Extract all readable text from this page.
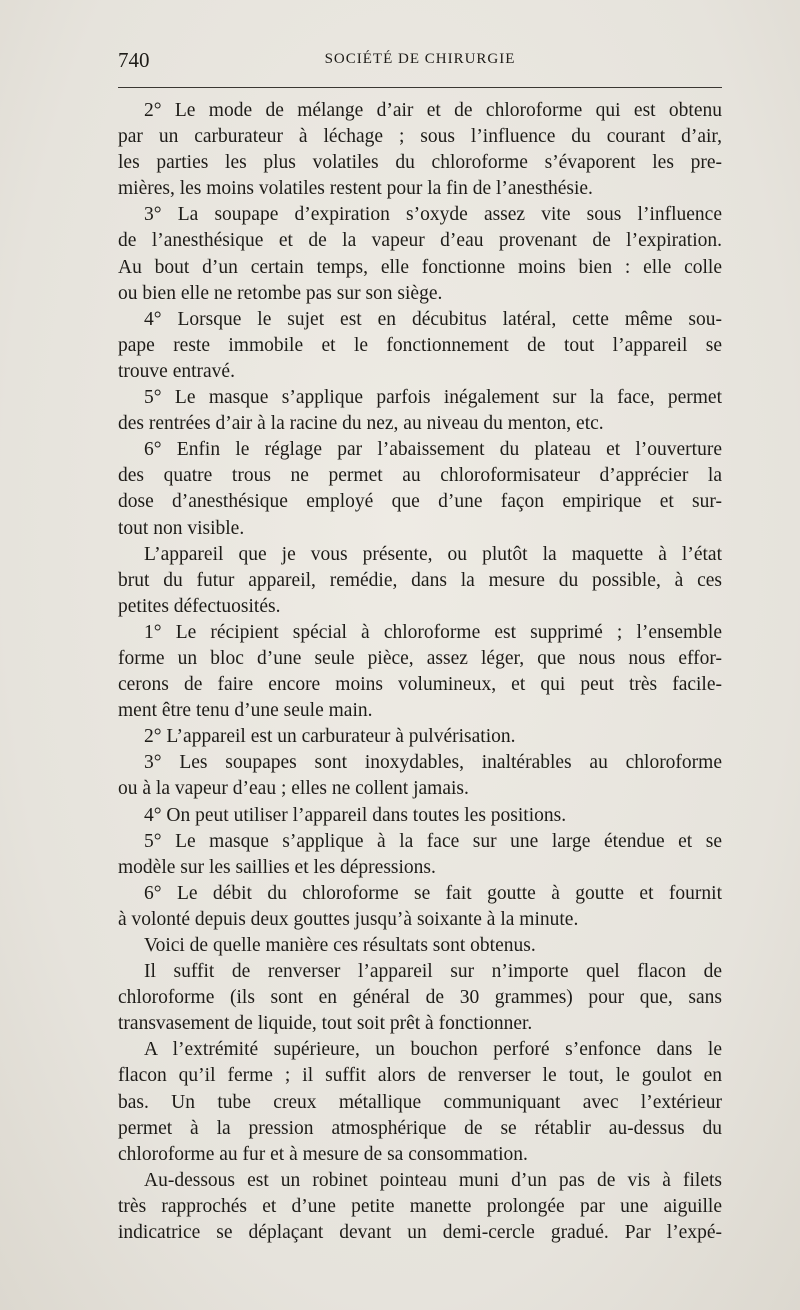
740	SOCIÉTÉ DE CHIRURGIE
2° Le mode de mélange d’air et de chloroforme qui est obtenu
par un carburateur à léchage ; sous l’influence du courant d’air,
les parties les plus volatiles du chloroforme s’évaporent les pre-
mières, les moins volatiles restent pour la fin de l’anesthésie.
3° La soupape d’expiration s’oxyde assez vite sous l’influence
de l’anesthésique et de la vapeur d’eau provenant de l’expiration.
Au bout d’un certain temps, elle fonctionne moins bien : elle colle
ou bien elle ne retombe pas sur son siège.
4° Lorsque le sujet est en décubitus latéral, cette même sou-
pape reste immobile et le fonctionnement de tout l’appareil se
trouve entravé.
5° Le masque s’applique parfois inégalement sur la face, permet
des rentrées d’air à la racine du nez, au niveau du menton, etc.
6° Enfin le réglage par l’abaissement du plateau et l’ouverture
des quatre trous ne permet au chloroformisateur d’apprécier la
dose d’anesthésique employé que d’une façon empirique et sur-
tout non visible.
L’appareil que je vous présente, ou plutôt la maquette à l’état
brut du futur appareil, remédie, dans la mesure du possible, à ces
petites défectuosités.
1° Le récipient spécial à chloroforme est supprimé ; l’ensemble
forme un bloc d’une seule pièce, assez léger, que nous nous effor-
cerons de faire encore moins volumineux, et qui peut très facile-
ment être tenu d’une seule main.
2° L’appareil est un carburateur à pulvérisation.
3° Les soupapes sont inoxydables, inaltérables au chloroforme
ou à la vapeur d’eau ; elles ne collent jamais.
4° On peut utiliser l’appareil dans toutes les positions.
5° Le masque s’applique à la face sur une large étendue et se
modèle sur les saillies et les dépressions.
6° Le débit du chloroforme se fait goutte à goutte et fournit
à volonté depuis deux gouttes jusqu’à soixante à la minute.
Voici de quelle manière ces résultats sont obtenus.
Il suffit de renverser l’appareil sur n’importe quel flacon de
chloroforme (ils sont en général de 30 grammes) pour que, sans
transvasement de liquide, tout soit prêt à fonctionner.
A l’extrémité supérieure, un bouchon perforé s’enfonce dans le
flacon qu’il ferme ; il suffit alors de renverser le tout, le goulot en
bas. Un tube creux métallique communiquant avec l’extérieur
permet à la pression atmosphérique de se rétablir au-dessus du
chloroforme au fur et à mesure de sa consommation.
Au-dessous est un robinet pointeau muni d’un pas de vis à filets
très rapprochés et d’une petite manette prolongée par une aiguille
indicatrice se déplaçant devant un demi-cercle gradué. Par l’expé-
